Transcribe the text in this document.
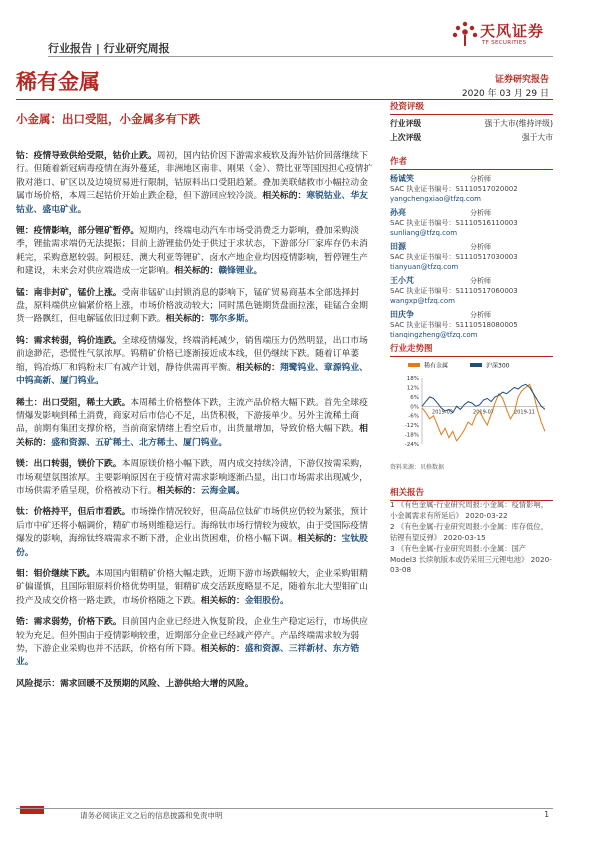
行业报告 | 行业研究周报
天风证券
TF SECURITIES
稀有金属	证券研究报告
2020 年 03 月 29 日
小金属：出口受阻，小金属多有下跌

钴：疫情导致供给受限，钴价止跌。周初，国内钴价因下游需求疲软及海外钴价回落继续下行。但随着新冠病毒疫情在海外蔓延，非洲地区南非、刚果（金）、赞比亚等国因担心疫情扩散对港口、矿区以及边境贸易进行限制，钴原料出口受阻趋紧。叠加美联储救市小幅拉动金属市场价格，本周三起钴价开始止跌企稳，但下游回应较冷淡。相关标的：寒锐钴业、华友钴业、盛屯矿业。

锂：疫情影响，部分锂矿暂停。短期内，终端电动汽车市场受消费乏力影响，叠加采购淡季，锂盐需求端仍无法提振；目前上游锂盐仍处于供过于求状态，下游部分厂家库存仍未消耗完，采购意愿较弱。阿根廷、澳大利亚等锂矿、卤水产地企业均因疫情影响，暂停锂生产和建设，未来会对供应端造成一定影响。相关标的：赣锋锂业。

锰：南非封矿，锰价上涨。受南非锰矿山封锁消息的影响下，锰矿贸易商基本全部选择封盘，原料端供应偏紧价格上涨，市场价格波动较大；同时黑色链期货盘面拉涨，硅锰合金期货一路飘红，但电解锰依旧过剩下跌。相关标的：鄂尔多斯。

钨：需求转弱，钨价连跌。全球疫情爆发，终端消耗减少，销售端压力仍然明显，出口市场前途渺茫，恐慌性气氛浓厚。钨精矿价格已逐渐接近成本线，但仍继续下跌。随着订单萎缩，钨冶炼厂和钨粉末厂有减产计划，静待供需再平衡。相关标的：翔鹭钨业、章源钨业、中钨高新、厦门钨业。

稀土：出口受阻，稀土大跌。本周稀土价格整体下跌，主流产品价格大幅下跌。首先全球疫情爆发影响到稀土消费，商家对后市信心不足，出货积极，下游接单少。另外主流稀土商品，前期有集团支撑价格，当前商家情绪上看空后市，出货量增加，导致价格大幅下跌。相关标的：盛和资源、五矿稀土、北方稀土、厦门钨业。

镁：出口转弱，镁价下跌。本周原镁价格小幅下跌，周内成交持续冷清，下游仅按需采购，市场观望氛围浓厚。主要影响原因在于疫情对需求影响逐渐凸显，出口市场需求出现减少，市场供需矛盾呈现，价格被动下行。相关标的：云海金属。

钛：价格持平，但后市看跌。市场操作情况较好，但高品位钛矿市场供应仍较为紧张，预计后市中矿还将小幅调价，精矿市场则维稳运行。海绵钛市场行情较为疲软，由于受国际疫情爆发的影响，海绵钛终端需求不断下滑，企业出货困难，价格小幅下调。相关标的：宝钛股份。

钼：钼价继续下跌。本周国内钼精矿价格大幅走跌，近期下游市场跌幅较大，企业采购钼精矿偏谨慎，且国际钼原料价格优势明显，钼精矿成交活跃度略显不足，随着东北大型钼矿山投产及成交价格一路走跌，市场价格随之下跌。相关标的：金钼股份。

锆：需求弱势，价格下跌。目前国内企业已经进入恢复阶段，企业生产稳定运行，市场供应较为充足。但外围由于疫情影响较重，近期部分企业已经减产停产。产品终端需求较为弱势，下游企业采购也并不活跃，价格有所下降。相关标的：盛和资源、三祥新材、东方锆业。

风险提示：需求回暖不及预期的风险、上游供给大增的风险。

投资评级
行业评级	强于大市(维持评级)
上次评级	强于大市
作者
杨诚笑	分析师
SAC 执业证书编号：S1110517020002
yangchengxiao@tfzq.com
孙亮	分析师
SAC 执业证书编号：S1110516110003
sunliang@tfzq.com
田源	分析师
SAC 执业证书编号：S1110517030003
tianyuan@tfzq.com
王小芃	分析师
SAC 执业证书编号：S1110517060003
wangxp@tfzq.com
田庆争	分析师
SAC 执业证书编号：S1110518080005
tianqingzheng@tfzq.com
行业走势图
稀有金属	沪深300
18%
12%
6%
0%
-6%
-12%
-18%
-24%
2019-03	2019-07	2019-11
资料来源：贝格数据
相关报告
1 《有色金属-行业研究周报:小金属：疫情影响，小金属需求有所延后》 2020-03-22
2 《有色金属-行业研究周报:小金属：库存低位，钴锂有望反弹》 2020-03-15
3 《有色金属-行业研究周报:小金属：国产 Model3 长续航版本或仍采用三元锂电池》 2020-03-08
请务必阅读正文之后的信息披露和免责申明	1
